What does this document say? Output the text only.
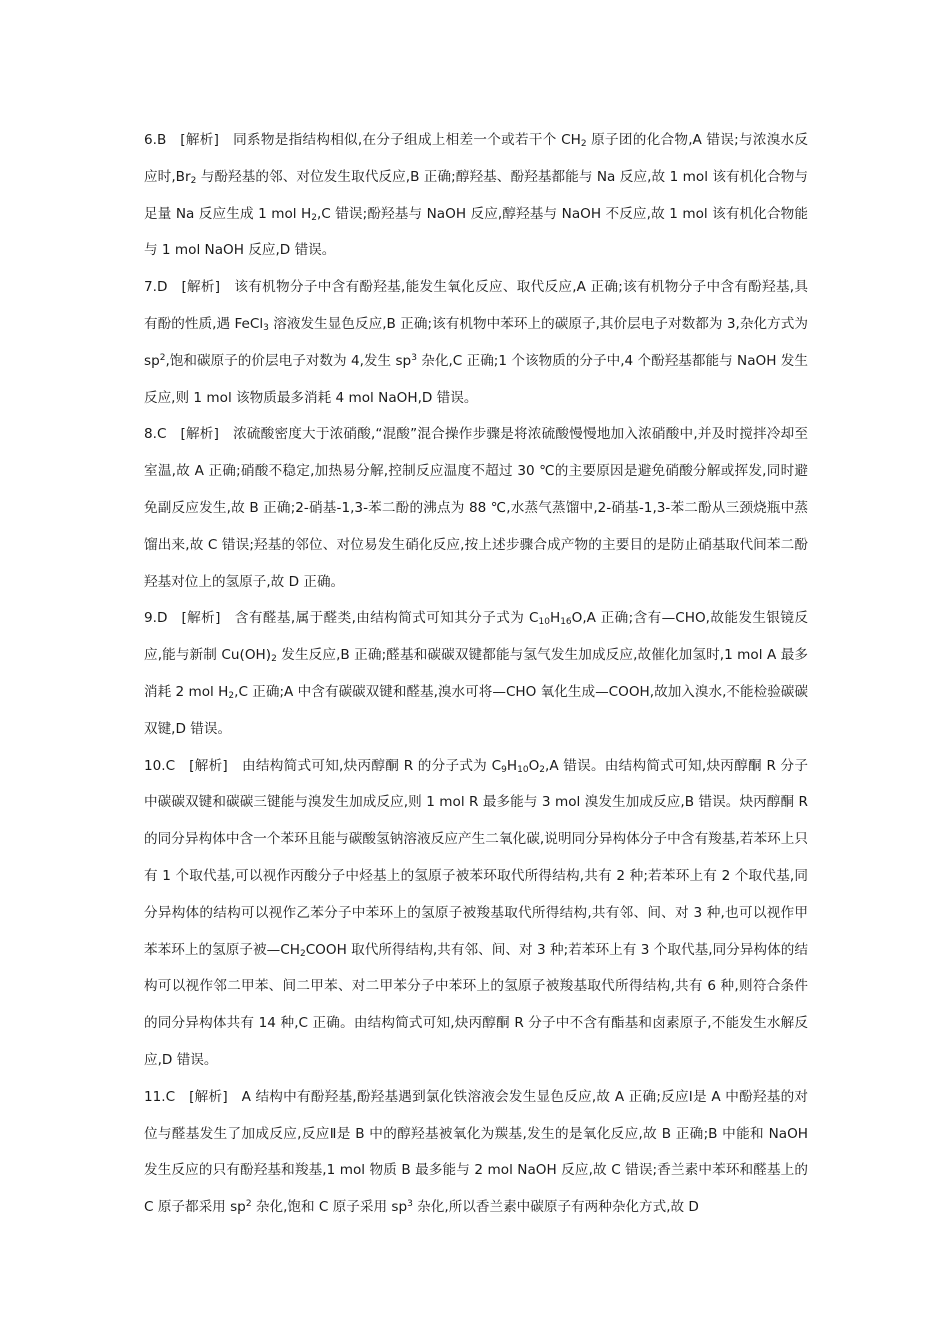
6.B [解析] 同系物是指结构相似,在分子组成上相差一个或若干个 $CH_2$ 原子团的化合物,A 错误;与浓溴水反应时$,Br_2$ 与酚羟基的邻、对位发生取代反应,B 正确;醇羟基、酚羟基都能与 Na 反应,故 1 mol 该有机化合物与足量 Na 反应生成 1 mol $H_2,C$ 错误;酚羟基与 NaOH 反应,醇羟基与 NaOH 不反应,故 1 mol 该有机化合物能与 1 mol NaOH 反应,D 错误。

7.D [解析] 该有机物分子中含有酚羟基,能发生氧化反应、取代反应,A 正确;该有机物分子中含有酚羟基,具有酚的性质,遇 FeCl$_3$ 溶液发生显色反应,B 正确;该有机物中苯环上的碳原子,其价层电子对数都为 3,杂化方式为 $sp^2$,饱和碳原子的价层电子对数为 4,发生 $sp^3$ 杂化,C 正确;1 个该物质的分子中,4 个酚羟基都能与 NaOH 发生反应,则 1 mol 该物质最多消耗 4 mol NaOH,D 错误。

8.C [解析] 浓硫酸密度大于浓硝酸,“混酸”混合操作步骤是将浓硫酸慢慢地加入浓硝酸中,并及时搅拌冷却至室温,故 A 正确;硝酸不稳定,加热易分解,控制反应温度不超过 30 ℃的主要原因是避免硝酸分解或挥发,同时避免副反应发生,故 B 正确;2-硝基-1,3-苯二酚的沸点为 88 ℃,水蒸气蒸馏中,2-硝基-1,3-苯二酚从三颈烧瓶中蒸馏出来,故 C 错误;羟基的邻位、对位易发生硝化反应,按上述步骤合成产物的主要目的是防止硝基取代间苯二酚羟基对位上的氢原子,故 D 正确。

9.D [解析] 含有醛基,属于醛类,由结构简式可知其分子式为 $C_{10}H_{16}O,A$ 正确;含有—CHO,故能发生银镜反应,能与新制 $Cu(OH)_2$ 发生反应,B 正确;醛基和碳碳双键都能与氢气发生加成反应,故催化加氢时,1 mol A 最多消耗 2 mol $H_2,C$ 正确;A 中含有碳碳双键和醛基,溴水可将—CHO 氧化生成—COOH,故加入溴水,不能检验碳碳双键,D 错误。

10.C [解析] 由结构简式可知,炔丙醇酮 R 的分子式为 $C_9H_{10}O_2,A$ 错误。由结构简式可知,炔丙醇酮 R 分子中碳碳双键和碳碳三键能与溴发生加成反应,则 1 mol R 最多能与 3 mol 溴发生加成反应,B 错误。炔丙醇酮 R 的同分异构体中含一个苯环且能与碳酸氢钠溶液反应产生二氧化碳,说明同分异构体分子中含有羧基,若苯环上只有 1 个取代基,可以视作丙酸分子中烃基上的氢原子被苯环取代所得结构,共有 2 种;若苯环上有 2 个取代基,同分异构体的结构可以视作乙苯分子中苯环上的氢原子被羧基取代所得结构,共有邻、间、对 3 种,也可以视作甲苯苯环上的氢原子被$—CH_2COOH$ 取代所得结构,共有邻、间、对 3 种;若苯环上有 3 个取代基,同分异构体的结构可以视作邻二甲苯、间二甲苯、对二甲苯分子中苯环上的氢原子被羧基取代所得结构,共有 6 种,则符合条件的同分异构体共有 14 种,C 正确。由结构简式可知,炔丙醇酮 R 分子中不含有酯基和卤素原子,不能发生水解反应,D 错误。

11.C [解析] A 结构中有酚羟基,酚羟基遇到氯化铁溶液会发生显色反应,故 A 正确;反应Ⅰ是 A 中酚羟基的对位与醛基发生了加成反应,反应Ⅱ是 B 中的醇羟基被氧化为羰基,发生的是氧化反应,故 B 正确;B 中能和 NaOH 发生反应的只有酚羟基和羧基,1 mol 物质 B 最多能与 2 mol NaOH 反应,故 C 错误;香兰素中苯环和醛基上的 C 原子都采用 $sp^2$ 杂化,饱和 C 原子采用 $sp^3$ 杂化,所以香兰素中碳原子有两种杂化方式,故 D
